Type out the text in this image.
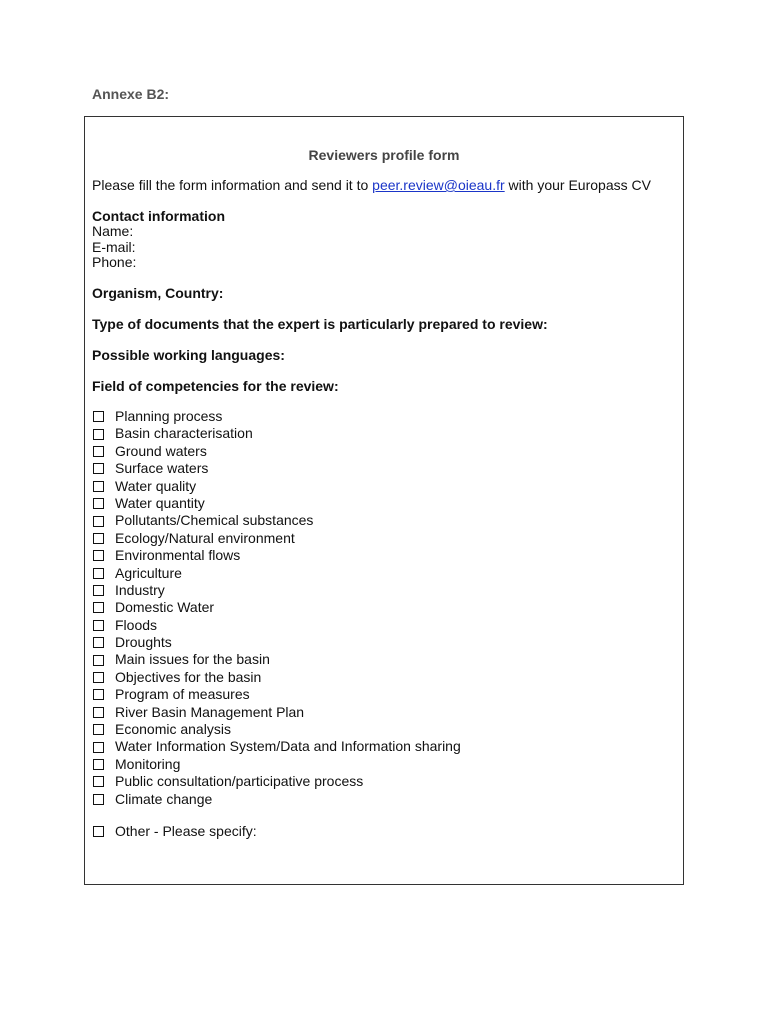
Annexe B2:
Reviewers profile form
Please fill the form information and send it to peer.review@oieau.fr with your Europass CV
Contact information
Name:
E-mail:
Phone:
Organism, Country:
Type of documents that the expert is particularly prepared to review:
Possible working languages:
Field of competencies for the review:
Planning process
Basin characterisation
Ground waters
Surface waters
Water quality
Water quantity
Pollutants/Chemical substances
Ecology/Natural environment
Environmental flows
Agriculture
Industry
Domestic Water
Floods
Droughts
Main issues for the basin
Objectives for the basin
Program of measures
River Basin Management Plan
Economic analysis
Water Information System/Data and Information sharing
Monitoring
Public consultation/participative process
Climate change
Other - Please specify:
